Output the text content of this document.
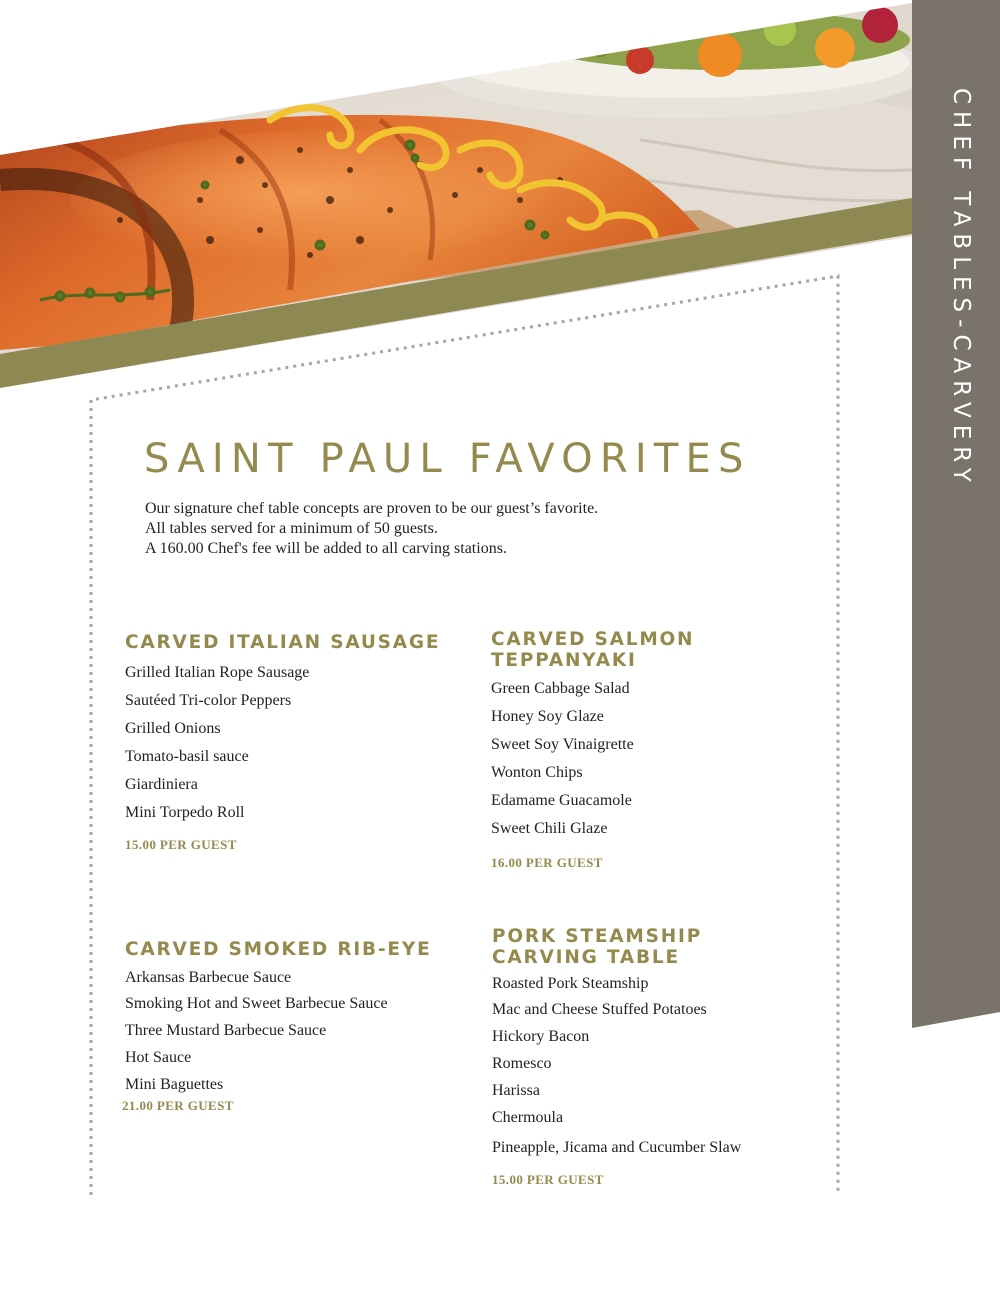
CHEF TABLES-CARVERY
SAINT PAUL FAVORITES
Our signature chef table concepts are proven to be our guest’s favorite.
All tables served for a minimum of 50 guests.
A 160.00 Chef's fee will be added to all carving stations.
CARVED ITALIAN SAUSAGE
Grilled Italian Rope Sausage
Sautéed Tri-color Peppers
Grilled Onions
Tomato-basil sauce
Giardiniera
Mini Torpedo Roll
15.00 PER GUEST
CARVED SALMON TEPPANYAKI
Green Cabbage Salad
Honey Soy Glaze
Sweet Soy Vinaigrette
Wonton Chips
Edamame Guacamole
Sweet Chili Glaze
16.00 PER GUEST
CARVED SMOKED RIB-EYE
Arkansas Barbecue Sauce
Smoking Hot and Sweet Barbecue Sauce
Three Mustard Barbecue Sauce
Hot Sauce
Mini Baguettes
21.00 PER GUEST
PORK STEAMSHIP CARVING TABLE
Roasted Pork Steamship
Mac and Cheese Stuffed Potatoes
Hickory Bacon
Romesco
Harissa
Chermoula
Pineapple, Jicama and Cucumber Slaw
15.00 PER GUEST
